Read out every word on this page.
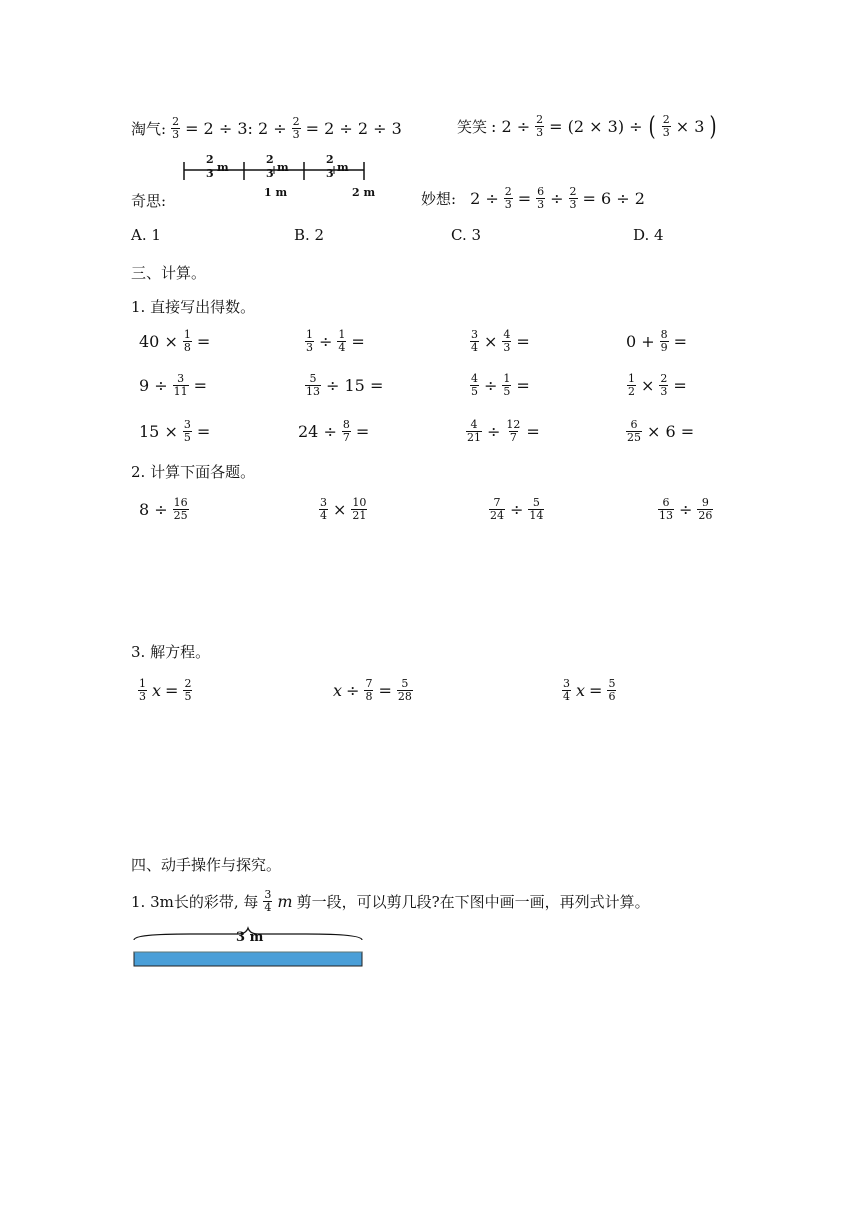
淘气: $\frac{2}{3} = 2 \div 3$: $2 \div \frac{2}{3} = 2 \div 2 \div 3$	笑笑 : $2 \div \frac{2}{3} = (2 \times 3)$ ÷ ( $\frac{2}{3} \times 3$ )
奇思:
2
3 m
2
3 m
2
3 m
1 m	2 m	妙想: $2 \div \frac{2}{3} = \frac{6}{3} \div \frac{2}{3} = 6 \div 2$
A. 1	B. 2	C. 3	D. 4
三、计算。
1. 直接写出得数。
$40 \times \frac{1}{8}$ =	$\frac{1}{3} \div \frac{1}{4}$ =	$\frac{3}{4} \times \frac{4}{3}$ =	$0 + \frac{8}{9}$ =
$9 \div \frac{3}{11}$ =	$\frac{5}{13} \div 15$ =	$\frac{4}{5} \div \frac{1}{5}$ =	$\frac{1}{2} \times \frac{2}{3}$ =
$15 \times \frac{3}{5}$ =	$24 \div \frac{8}{7}$ =	$\frac{4}{21} \div \frac{12}{7}$ =	$\frac{6}{25} \times 6$ =
2. 计算下面各题。
$8 \div \frac{16}{25}$	$\frac{3}{4} \times \frac{10}{21}$	$\frac{7}{24} \div \frac{5}{14}$	$\frac{6}{13} \div \frac{9}{26}$
3. 解方程。
$\frac{1}{3}$ $x = \frac{2}{5}$	$x \div \frac{7}{8} = \frac{5}{28}$	$\frac{3}{4}$ $x = \frac{5}{6}$
四、动手操作与探究。
1. 3m长的彩带, 每 $\frac{3}{4}$ m 剪一段，可以剪几段?在下图中画一画，再列式计算。
3 m
